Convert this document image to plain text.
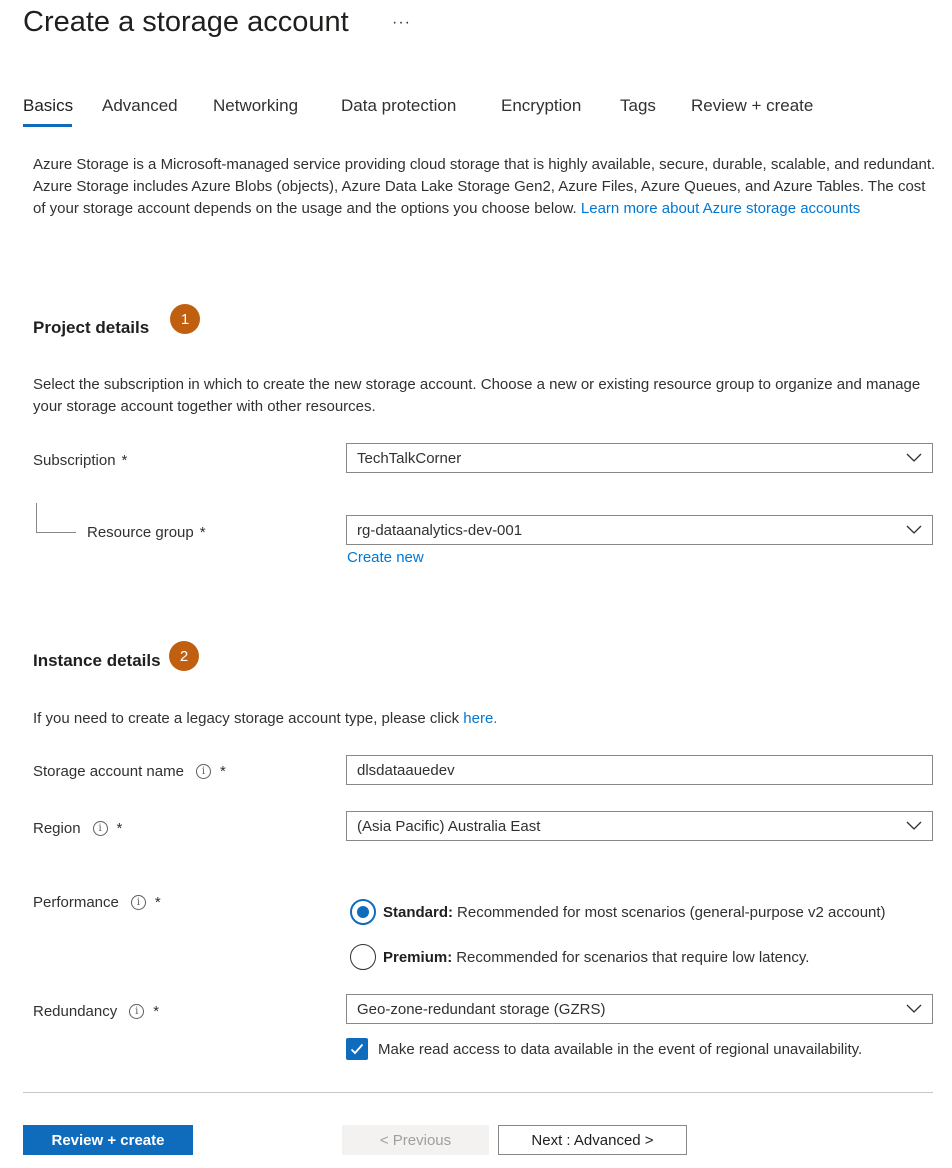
Create a storage account	···
Basics Advanced Networking	Data protection	Encryption Tags Review + create
Azure Storage is a Microsoft-managed service providing cloud storage that is highly available, secure, durable, scalable, and redundant. Azure Storage includes Azure Blobs (objects), Azure Data Lake Storage Gen2, Azure Files, Azure Queues, and Azure Tables. The cost of your storage account depends on the usage and the options you choose below. Learn more about Azure storage accounts
Project details	1
Select the subscription in which to create the new storage account. Choose a new or existing resource group to organize and manage your storage account together with other resources.
Subscription *	TechTalkCorner
Resource group *	rg-dataanalytics-dev-001
Create new
Instance details	2
If you need to create a legacy storage account type, please click here.
Storage account name	i *	dlsdataauedev
Region	i *	(Asia Pacific) Australia East
Performance	i *
Standard: Recommended for most scenarios (general-purpose v2 account)
Premium: Recommended for scenarios that require low latency.
Redundancy	i *	Geo-zone-redundant storage (GZRS)
Make read access to data available in the event of regional unavailability.
Review + create	< Previous	Next : Advanced >
